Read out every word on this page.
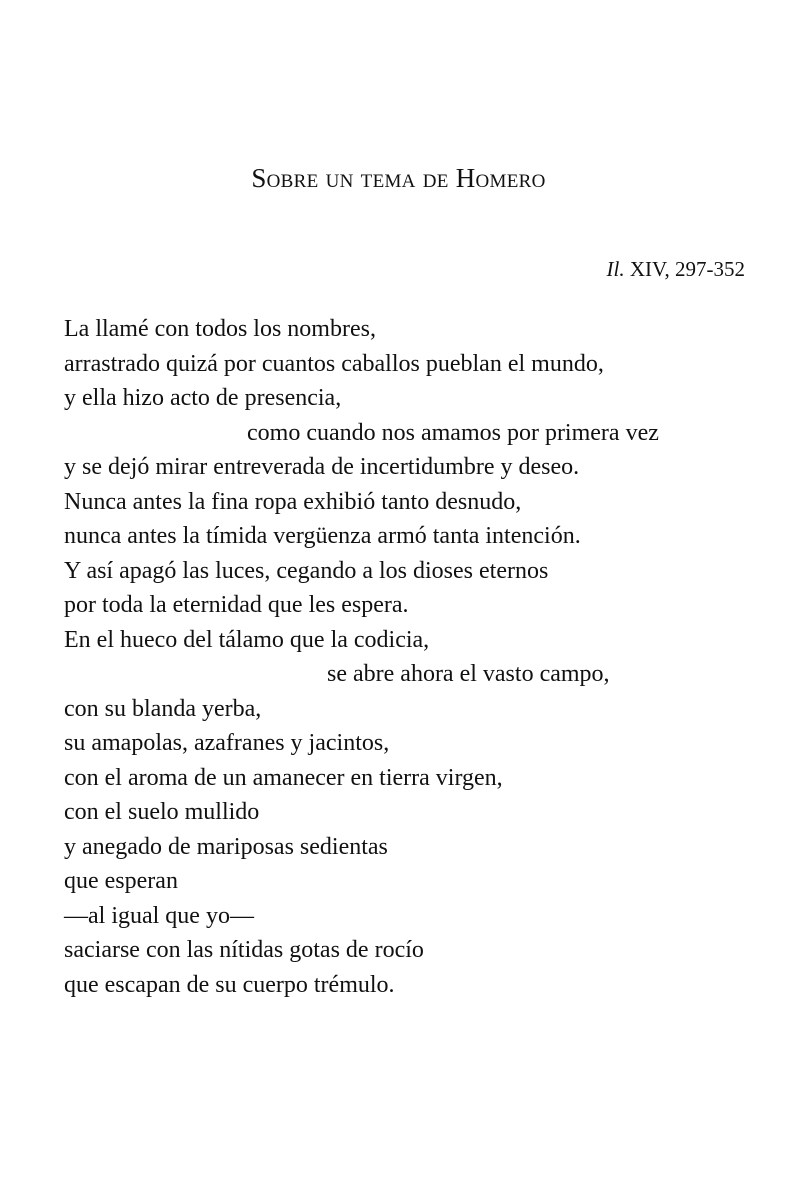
Sobre un tema de Homero
Il. XIV, 297-352
La llamé con todos los nombres,
arrastrado quizá por cuantos caballos pueblan el mundo,
y ella hizo acto de presencia,
como cuando nos amamos por primera vez
y se dejó mirar entreverada de incertidumbre y deseo.
Nunca antes la fina ropa exhibió tanto desnudo,
nunca antes la tímida vergüenza armó tanta intención.
Y así apagó las luces, cegando a los dioses eternos
por toda la eternidad que les espera.
En el hueco del tálamo que la codicia,
se abre ahora el vasto campo,
con su blanda yerba,
su amapolas, azafranes y jacintos,
con el aroma de un amanecer en tierra virgen,
con el suelo mullido
y anegado de mariposas sedientas
que esperan
—al igual que yo—
saciarse con las nítidas gotas de rocío
que escapan de su cuerpo trémulo.
